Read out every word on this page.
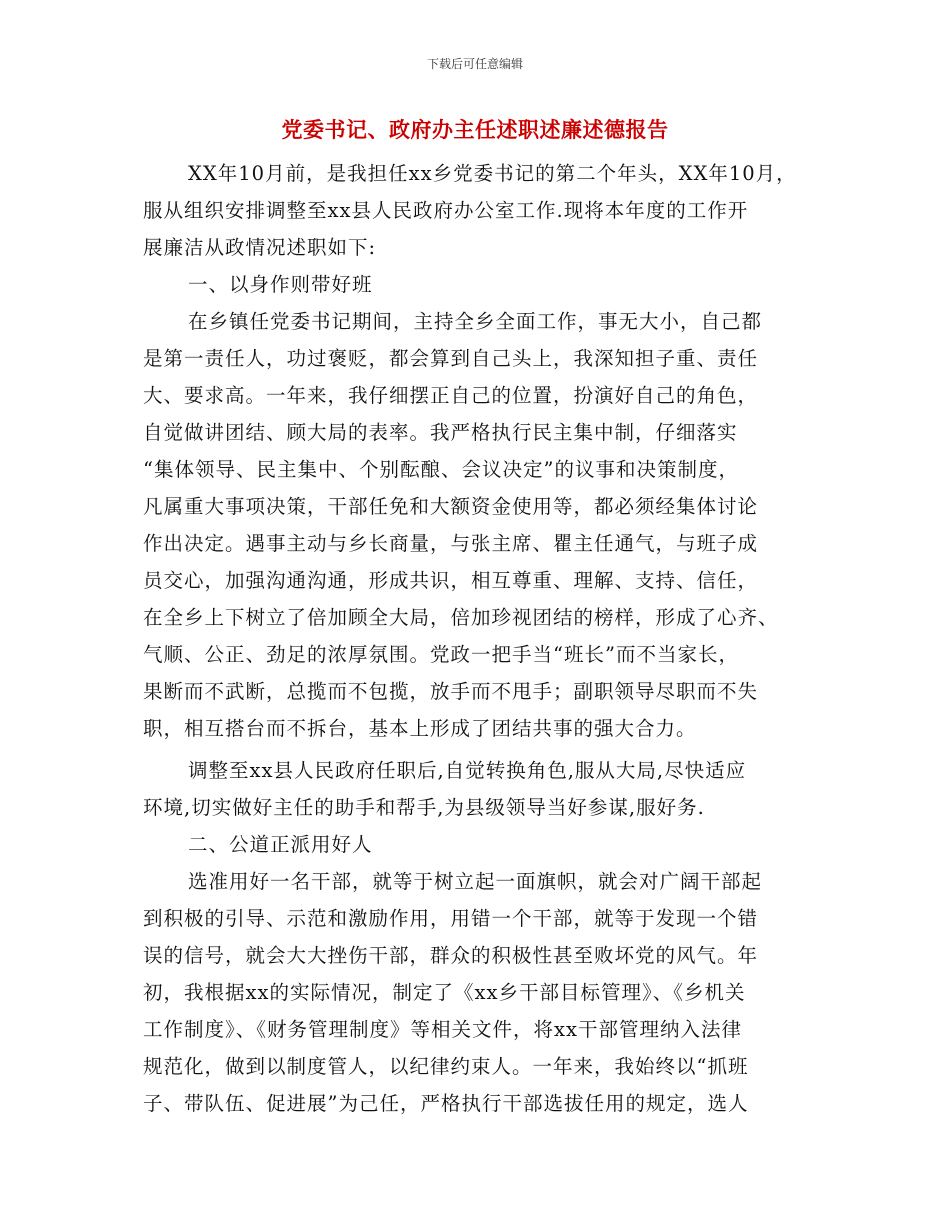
下载后可任意编辑
党委书记、政府办主任述职述廉述德报告
XX年10月前，是我担任xx乡党委书记的第二个年头，XX年10月，
服从组织安排调整至xx县人民政府办公室工作.现将本年度的工作开
展廉洁从政情况述职如下:
一、以身作则带好班
在乡镇任党委书记期间，主持全乡全面工作，事无大小，自己都
是第一责任人，功过褒贬，都会算到自己头上，我深知担子重、责任
大、要求高。一年来，我仔细摆正自己的位置，扮演好自己的角色，
自觉做讲团结、顾大局的表率。我严格执行民主集中制，仔细落实
“集体领导、民主集中、个别酝酿、会议决定”的议事和决策制度，
凡属重大事项决策，干部任免和大额资金使用等，都必须经集体讨论
作出决定。遇事主动与乡长商量，与张主席、瞿主任通气，与班子成
员交心，加强沟通沟通，形成共识，相互尊重、理解、支持、信任，
在全乡上下树立了倍加顾全大局，倍加珍视团结的榜样，形成了心齐、
气顺、公正、劲足的浓厚氛围。党政一把手当“班长”而不当家长，
果断而不武断，总揽而不包揽，放手而不甩手；副职领导尽职而不失
职，相互搭台而不拆台，基本上形成了团结共事的强大合力。
调整至xx县人民政府任职后,自觉转换角色,服从大局,尽快适应
环境,切实做好主任的助手和帮手,为县级领导当好参谋,服好务.
二、公道正派用好人
选准用好一名干部，就等于树立起一面旗帜，就会对广阔干部起
到积极的引导、示范和激励作用，用错一个干部，就等于发现一个错
误的信号，就会大大挫伤干部，群众的积极性甚至败坏党的风气。年
初，我根据xx的实际情况，制定了《xx乡干部目标管理》、《乡机关
工作制度》、《财务管理制度》等相关文件，将xx干部管理纳入法律
规范化，做到以制度管人，以纪律约束人。一年来，我始终以“抓班
子、带队伍、促进展”为己任，严格执行干部选拔任用的规定，选人
